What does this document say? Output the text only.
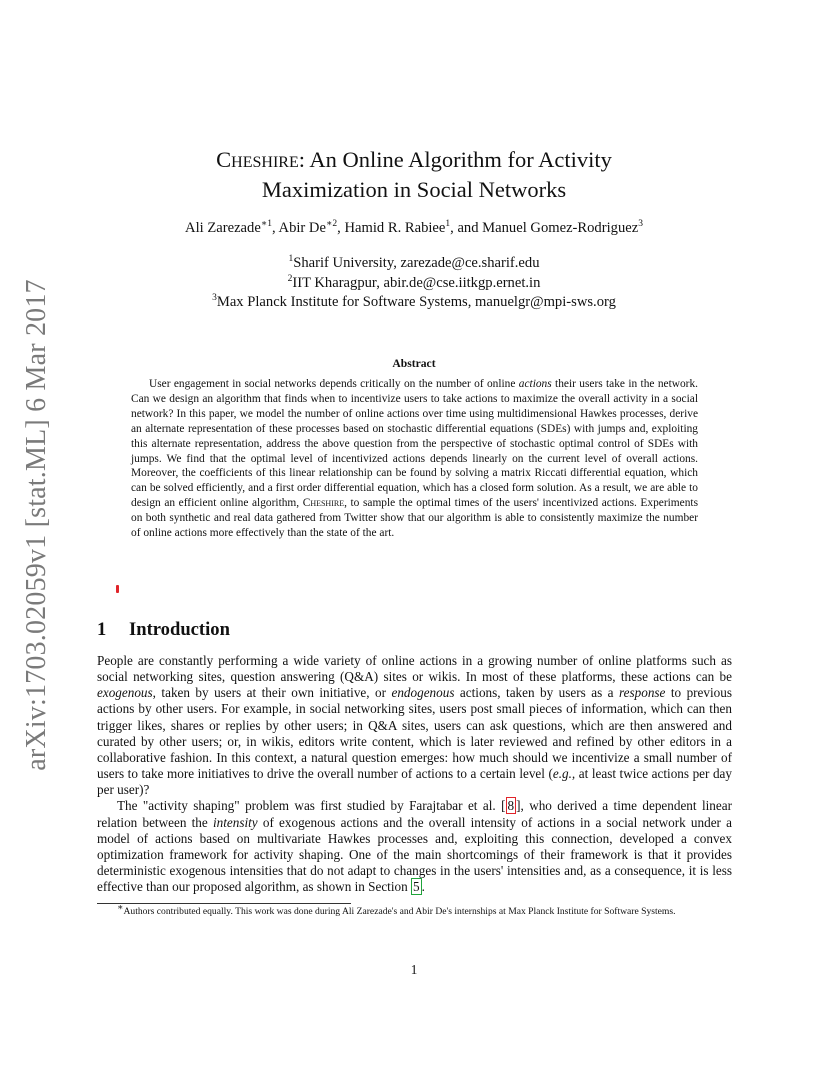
arXiv:1703.02059v1 [stat.ML] 6 Mar 2017
Cheshire: An Online Algorithm for Activity
Maximization in Social Networks
Ali Zarezade$^{∗1}$, Abir $De^{∗2}$, Hamid R. Rabiee$^1$, and Manuel Gomez-Rodriguez$^3$
$^1$Sharif University, zarezade@ce.sharif.edu
$^2$IIT Kharagpur, abir.de@cse.iitkgp.ernet.in
$^3$Max Planck Institute for Software Systems, manuelgr@mpi-sws.org
Abstract

User engagement in social networks depends critically on the number of online actions their users take in the network. Can we design an algorithm that finds when to incentivize users to take actions to maximize the overall activity in a social network? In this paper, we model the number of online actions over time using multidimensional Hawkes processes, derive an alternate representation of these processes based on stochastic differential equations (SDEs) with jumps and, exploiting this alternate representation, address the above question from the perspective of stochastic optimal control of SDEs with jumps. We find that the optimal level of incentivized actions depends linearly on the current level of overall actions. Moreover, the coefficients of this linear relationship can be found by solving a matrix Riccati differential equation, which can be solved efficiently, and a first order differential equation, which has a closed form solution. As a result, we are able to design an efficient online algorithm, Cheshire, to sample the optimal times of the users' incentivized actions. Experiments on both synthetic and real data gathered from Twitter show that our algorithm is able to consistently maximize the number of online actions more effectively than the state of the art.

1 Introduction

People are constantly performing a wide variety of online actions in a growing number of online platforms such as social networking sites, question answering (Q&A) sites or wikis. In most of these platforms, these actions can be exogenous, taken by users at their own initiative, or endogenous actions, taken by users as a response to previous actions by other users. For example, in social networking sites, users post small pieces of information, which can then trigger likes, shares or replies by other users; in Q&A sites, users can ask questions, which are then answered and curated by other users; or, in wikis, editors write content, which is later reviewed and refined by other editors in a collaborative fashion. In this context, a natural question emerges: how much should we incentivize a small number of users to take more initiatives to drive the overall number of actions to a certain level (e.g., at least twice actions per day per user)?

The "activity shaping" problem was first studied by Farajtabar et al. [ 8 ], who derived a time dependent linear relation between the intensity of exogenous actions and the overall intensity of actions in a social network under a model of actions based on multivariate Hawkes processes and, exploiting this connection, developed a convex optimization framework for activity shaping. One of the main shortcomings of their framework is that it provides deterministic exogenous intensities that do not adapt to changes in the users' intensities and, as a consequence, it is less effective than our proposed algorithm, as shown in Section 5 .

∗Authors contributed equally. This work was done during Ali Zarezade's and Abir De's internships at Max Planck Institute for Software Systems.

1
